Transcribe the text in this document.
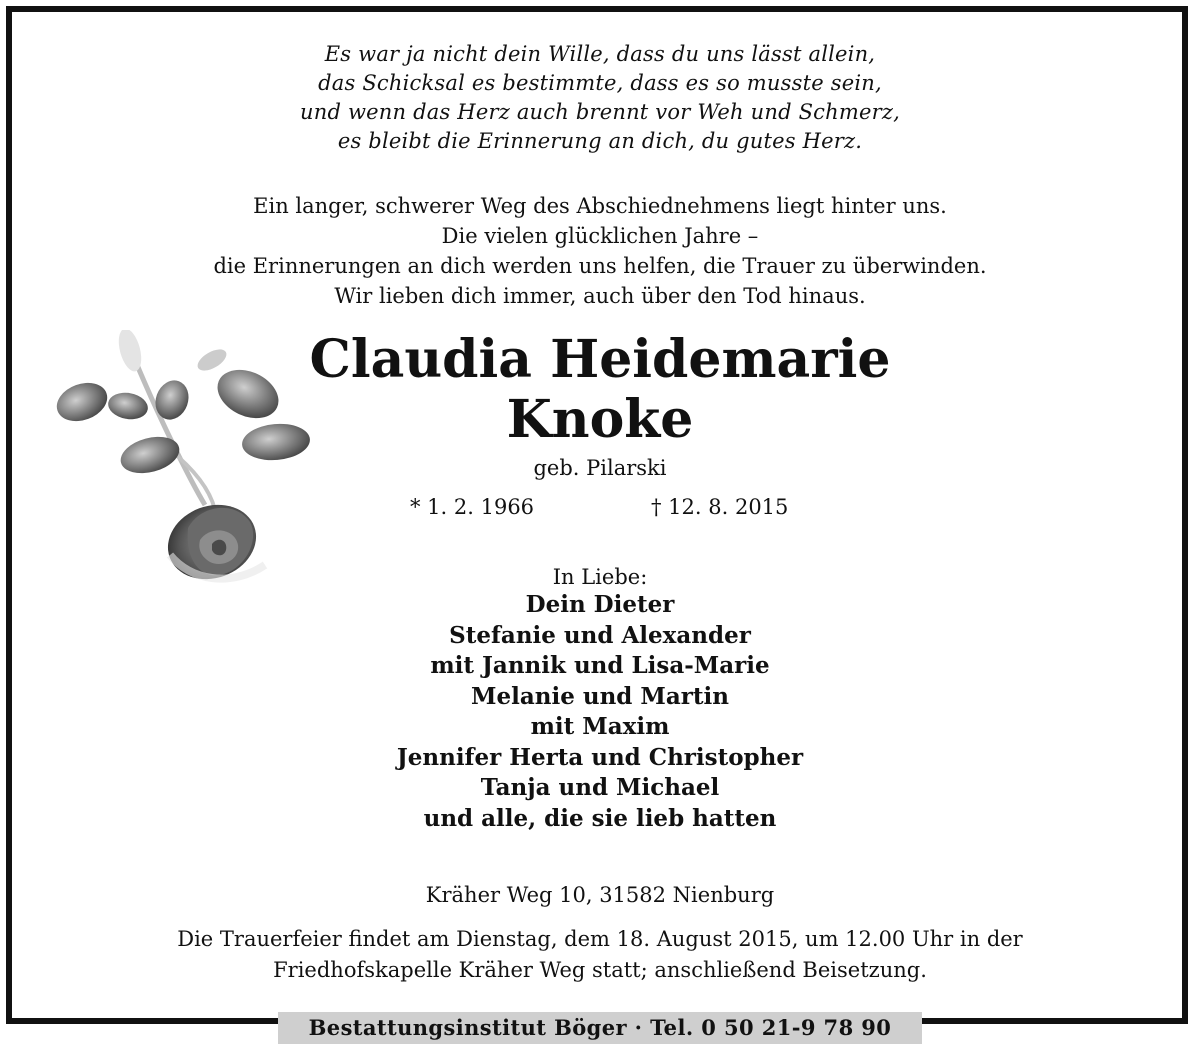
Es war ja nicht dein Wille, dass du uns lässt allein,
das Schicksal es bestimmte, dass es so musste sein,
und wenn das Herz auch brennt vor Weh und Schmerz,
es bleibt die Erinnerung an dich, du gutes Herz.
Ein langer, schwerer Weg des Abschiednehmens liegt hinter uns.
Die vielen glücklichen Jahre –
die Erinnerungen an dich werden uns helfen, die Trauer zu überwinden.
Wir lieben dich immer, auch über den Tod hinaus.
Claudia Heidemarie
Knoke
geb. Pilarski
* 1. 2. 1966	† 12. 8. 2015
In Liebe:
Dein Dieter
Stefanie und Alexander
mit Jannik und Lisa-Marie
Melanie und Martin
mit Maxim
Jennifer Herta und Christopher
Tanja und Michael
und alle, die sie lieb hatten
Kräher Weg 10, 31582 Nienburg
Die Trauerfeier findet am Dienstag, dem 18. August 2015, um 12.00 Uhr in der
Friedhofskapelle Kräher Weg statt; anschließend Beisetzung.
Bestattungsinstitut Böger · Tel. 0 50 21-9 78 90
